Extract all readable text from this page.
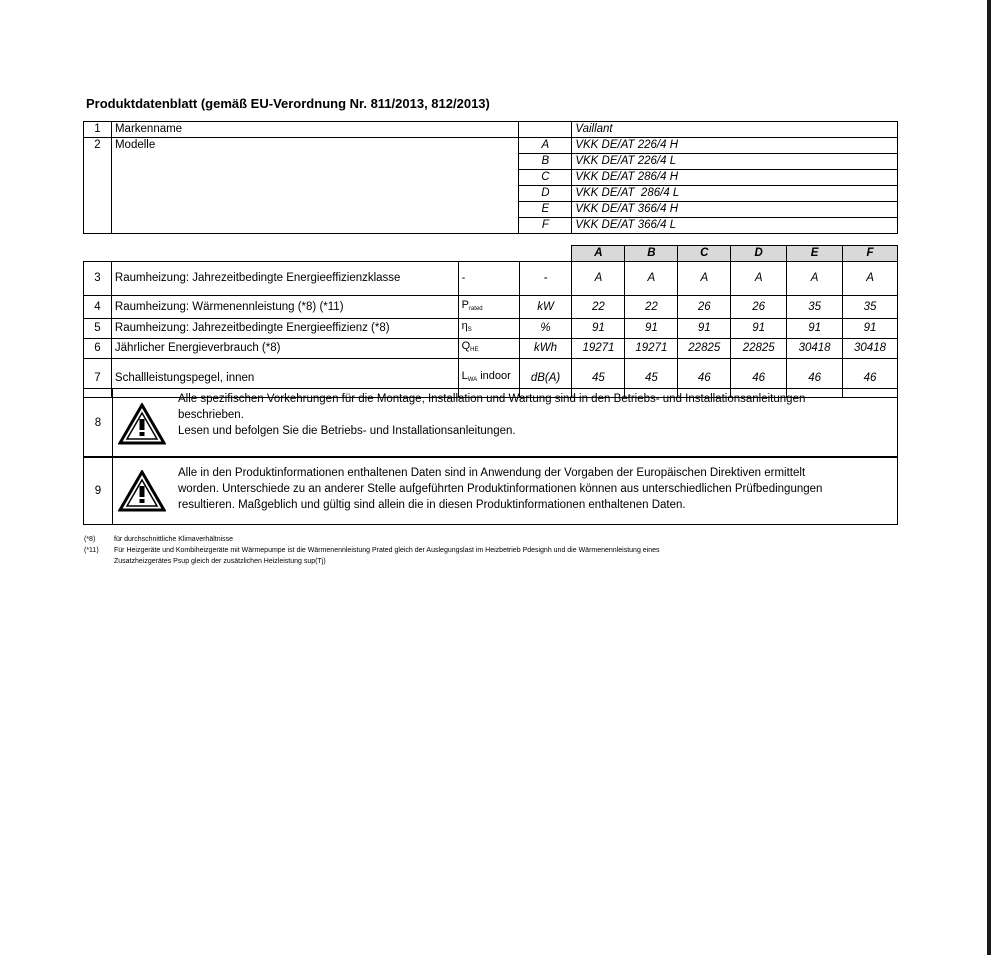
Produktdatenblatt (gemäß EU-Verordnung Nr. 811/2013, 812/2013)
1	Markenname		Vaillant
2	Modelle	A	VKK DE/AT 226/4 H
		B	VKK DE/AT 226/4 L
		C	VKK DE/AT 286/4 H
		D	VKK DE/AT  286/4 L
		E	VKK DE/AT 366/4 H
		F	VKK DE/AT 366/4 L
				A	B	C	D	E	F
3	Raumheizung: Jahrezeitbedingte Energieeffizienzklasse	-	-	A	A	A	A	A	A
4	Raumheizung: Wärmenennleistung (*8) (*11)	$P_{rated}$	kW	22	22	26	26	35	35
5	Raumheizung: Jahrezeitbedingte Energieeffizienz (*8)	$\eta_S$	%	91	91	91	91	91	91
6	Jährlicher Energieverbrauch (*8)	$Q_{HE}$	kWh	19271	19271	22825	22825	30418	30418
7	Schallleistungspegel, innen	$L_{WA}$ indoor	dB(A)	45	45	46	46	46	46
8
Alle spezifischen Vorkehrungen für die Montage, Installation und Wartung sind in den Betriebs- und Installationsanleitungen
beschrieben.
Lesen und befolgen Sie die Betriebs- und Installationsanleitungen.
9
Alle in den Produktinformationen enthaltenen Daten sind in Anwendung der Vorgaben der Europäischen Direktiven ermittelt
worden. Unterschiede zu an anderer Stelle aufgeführten Produktinformationen können aus unterschiedlichen Prüfbedingungen
resultieren. Maßgeblich und gültig sind allein die in diesen Produktinformationen enthaltenen Daten.
(*8)	für durchschnittliche Klimaverhältnisse
(*11) Für Heizgeräte und Kombiheizgeräte mit Wärmepumpe ist die Wärmenennleistung Prated gleich der Auslegungslast im Heizbetrieb Pdesignh und die Wärmenennleistung eines
Zusatzheizgerätes Psup gleich der zusätzlichen Heizleistung sup(Tj)
